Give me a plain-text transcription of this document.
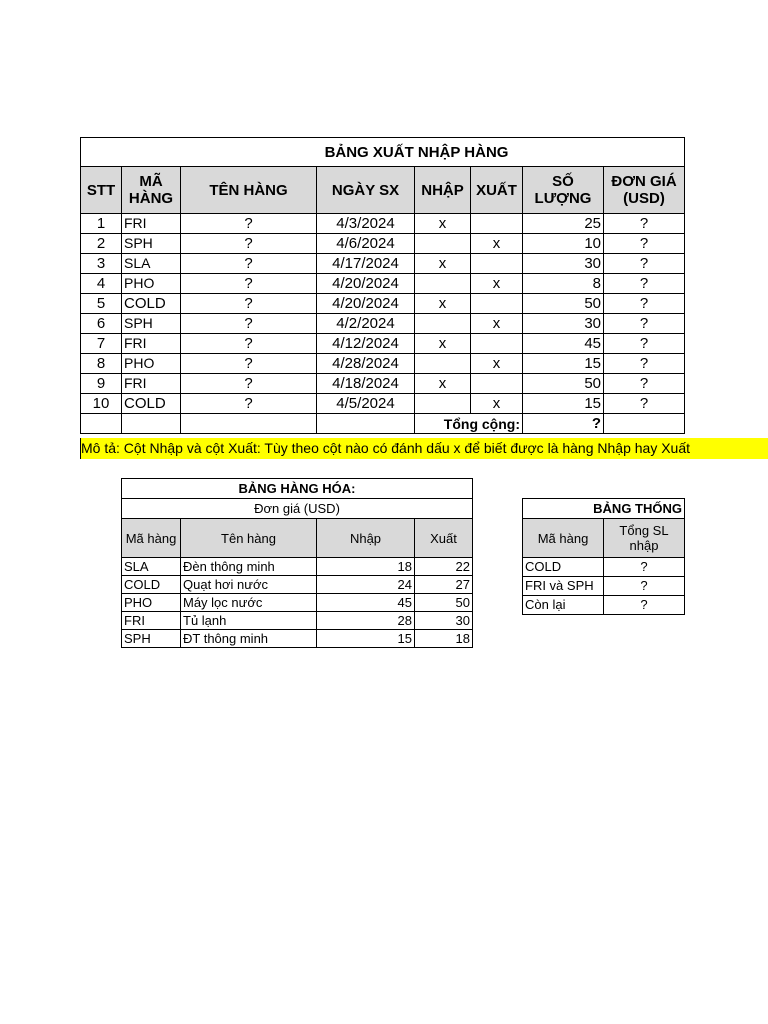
BẢNG XUẤT NHẬP HÀNG							
STT	MÃ HÀNG	TÊN HÀNG	NGÀY SX	NHẬP	XUẤT	SỐ LƯỢNG	ĐƠN GIÁ (USD)
1	FRI	?	4/3/2024	x		25	?
2	SPH	?	4/6/2024		x	10	?
3	SLA	?	4/17/2024	x		30	?
4	PHO	?	4/20/2024		x	8	?
5	COLD	?	4/20/2024	x		50	?
6	SPH	?	4/2/2024		x	30	?
7	FRI	?	4/12/2024	x		45	?
8	PHO	?	4/28/2024		x	15	?
9	FRI	?	4/18/2024	x		50	?
10	COLD	?	4/5/2024		x	15	?
				Tổng cộng:		?	
Mô tả: Cột Nhập và cột Xuất: Tùy theo cột nào có đánh dấu x để biết được là hàng Nhập hay Xuất
BẢNG HÀNG HÓA:			
Đơn giá (USD)			
Mã hàng	Tên hàng	Nhập	Xuất
SLA	Đèn thông minh	18	22
COLD	Quạt hơi nước	24	27
PHO	Máy lọc nước	45	50
FRI	Tủ lạnh	28	30
SPH	ĐT thông minh	15	18
BẢNG THỐNG	
Mã hàng	Tổng SL nhập
COLD	?
FRI và SPH	?
Còn lại	?
